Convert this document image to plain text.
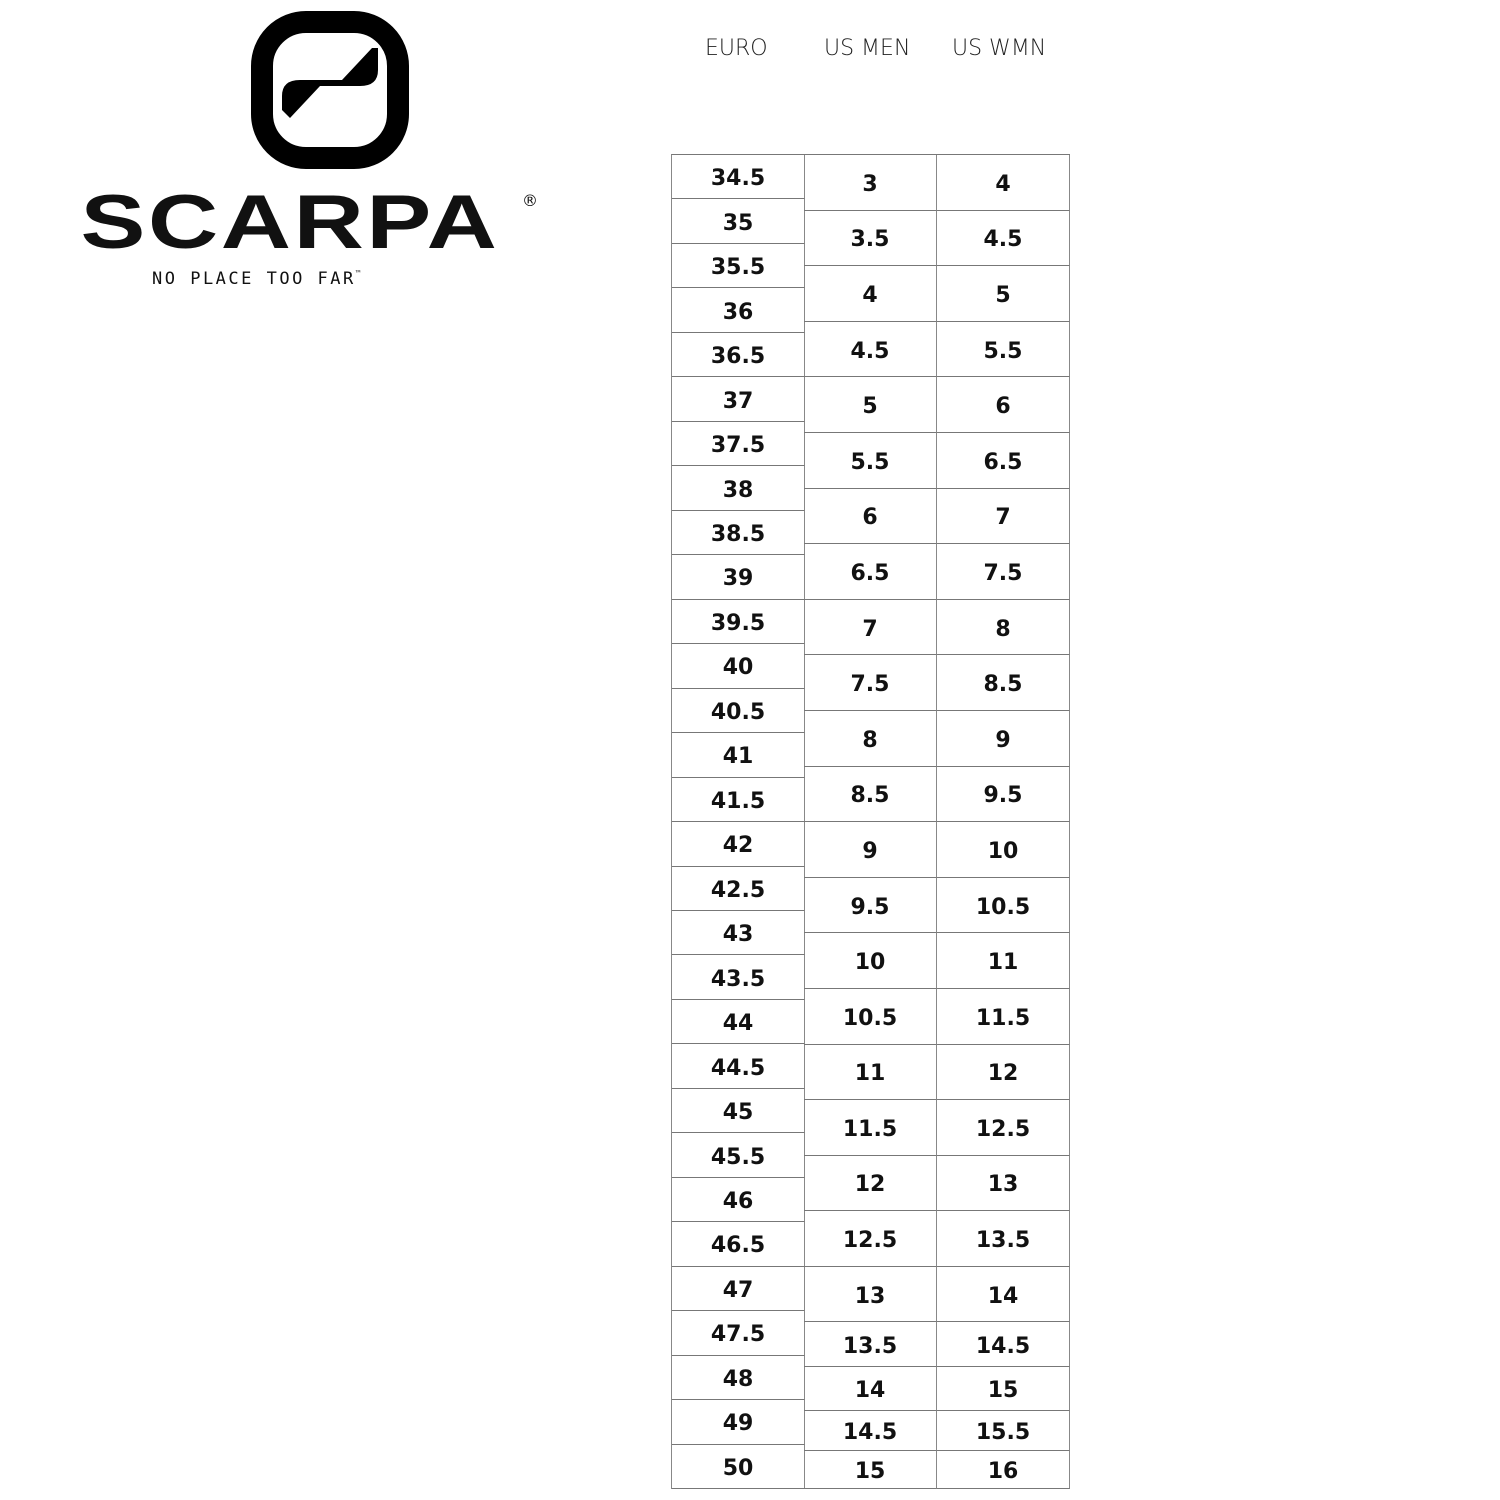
SCARPA	®
NO PLACE TOO FAR™
EURO	US MEN US WMN
34.5
35
35.5
36
36.5
37
37.5
38
38.5
39
39.5
40
40.5
41
41.5
42
42.5
43
43.5
44
44.5
45
45.5
46
46.5
47
47.5
48
49
50
3
3.5
4
4.5
5
5.5
6
6.5
7
7.5
8
8.5
9
9.5
10
10.5
11
11.5
12
12.5
13
13.5
14
14.5
15
4
4.5
5
5.5
6
6.5
7
7.5
8
8.5
9
9.5
10
10.5
11
11.5
12
12.5
13
13.5
14
14.5
15
15.5
16
